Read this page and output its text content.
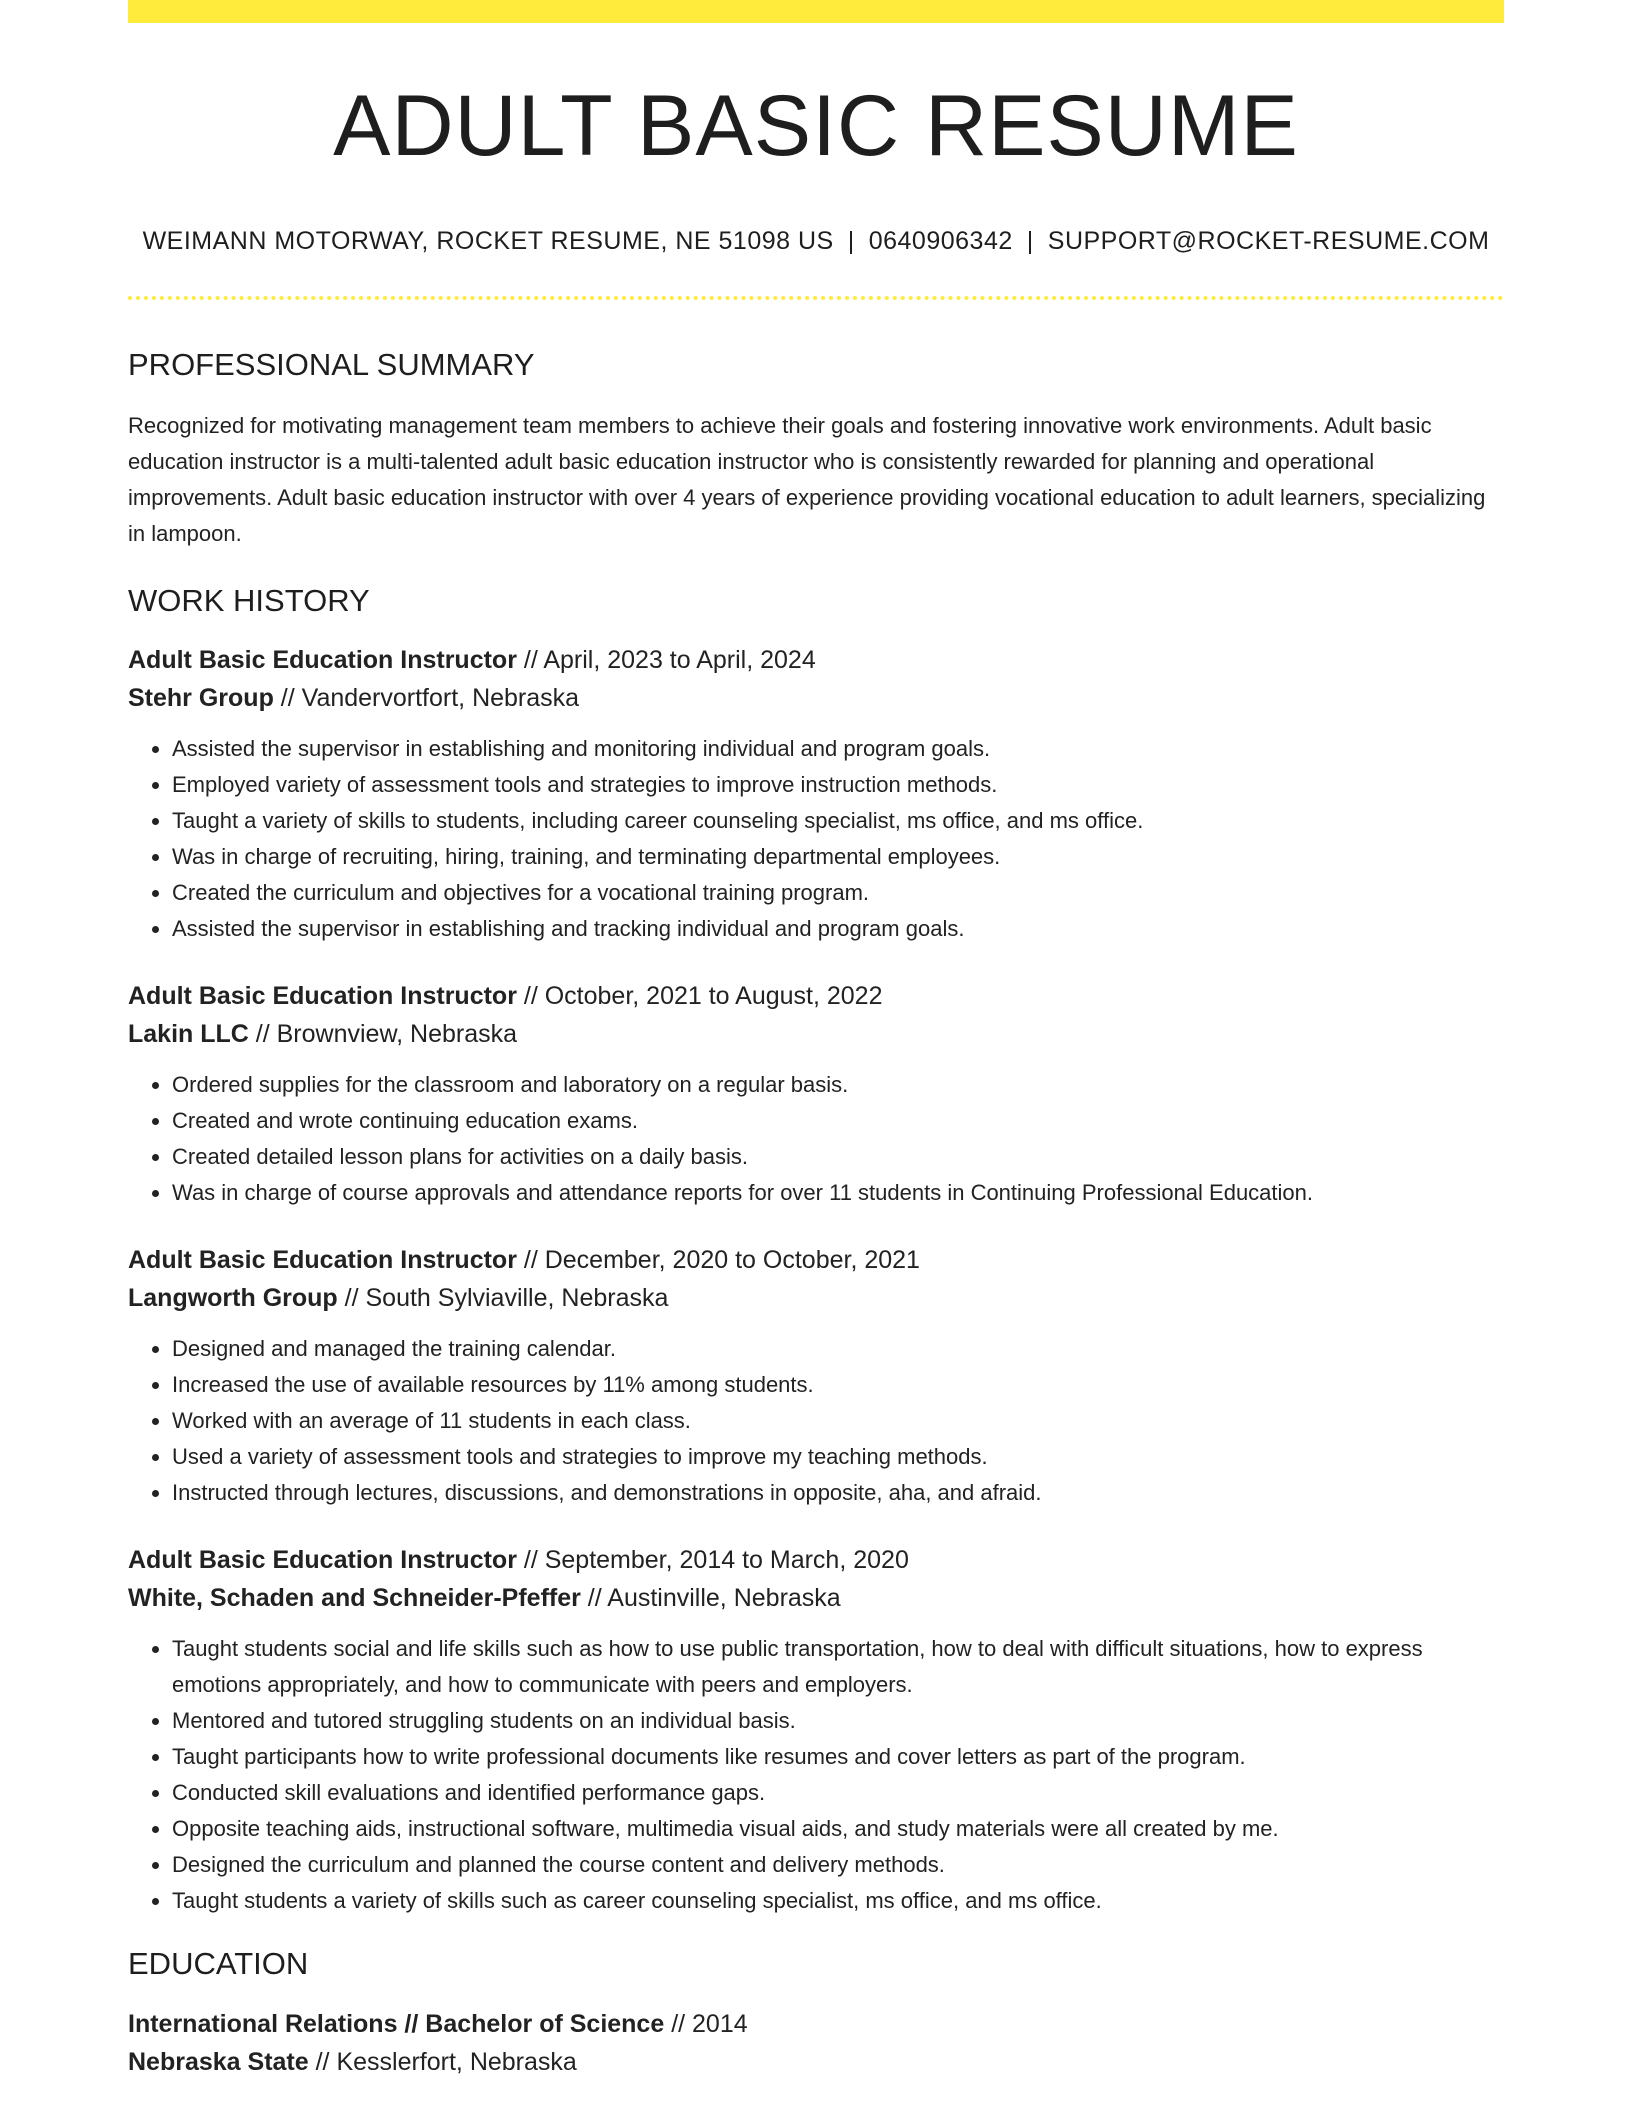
ADULT BASIC RESUME
WEIMANN MOTORWAY, ROCKET RESUME, NE 51098 US | 0640906342 | SUPPORT@ROCKET-RESUME.COM
PROFESSIONAL SUMMARY
Recognized for motivating management team members to achieve their goals and fostering innovative work environments. Adult basic education instructor is a multi-talented adult basic education instructor who is consistently rewarded for planning and operational improvements. Adult basic education instructor with over 4 years of experience providing vocational education to adult learners, specializing in lampoon.
WORK HISTORY
Adult Basic Education Instructor // April, 2023 to April, 2024
Stehr Group // Vandervortfort, Nebraska
• Assisted the supervisor in establishing and monitoring individual and program goals.
• Employed variety of assessment tools and strategies to improve instruction methods.
• Taught a variety of skills to students, including career counseling specialist, ms office, and ms office.
• Was in charge of recruiting, hiring, training, and terminating departmental employees.
• Created the curriculum and objectives for a vocational training program.
• Assisted the supervisor in establishing and tracking individual and program goals.
Adult Basic Education Instructor // October, 2021 to August, 2022
Lakin LLC // Brownview, Nebraska
• Ordered supplies for the classroom and laboratory on a regular basis.
• Created and wrote continuing education exams.
• Created detailed lesson plans for activities on a daily basis.
• Was in charge of course approvals and attendance reports for over 11 students in Continuing Professional Education.
Adult Basic Education Instructor // December, 2020 to October, 2021
Langworth Group // South Sylviaville, Nebraska
• Designed and managed the training calendar.
• Increased the use of available resources by 11% among students.
• Worked with an average of 11 students in each class.
• Used a variety of assessment tools and strategies to improve my teaching methods.
• Instructed through lectures, discussions, and demonstrations in opposite, aha, and afraid.
Adult Basic Education Instructor // September, 2014 to March, 2020
White, Schaden and Schneider-Pfeffer // Austinville, Nebraska
• Taught students social and life skills such as how to use public transportation, how to deal with difficult situations, how to express emotions appropriately, and how to communicate with peers and employers.
• Mentored and tutored struggling students on an individual basis.
• Taught participants how to write professional documents like resumes and cover letters as part of the program.
• Conducted skill evaluations and identified performance gaps.
• Opposite teaching aids, instructional software, multimedia visual aids, and study materials were all created by me.
• Designed the curriculum and planned the course content and delivery methods.
• Taught students a variety of skills such as career counseling specialist, ms office, and ms office.
EDUCATION
International Relations // Bachelor of Science // 2014
Nebraska State // Kesslerfort, Nebraska
